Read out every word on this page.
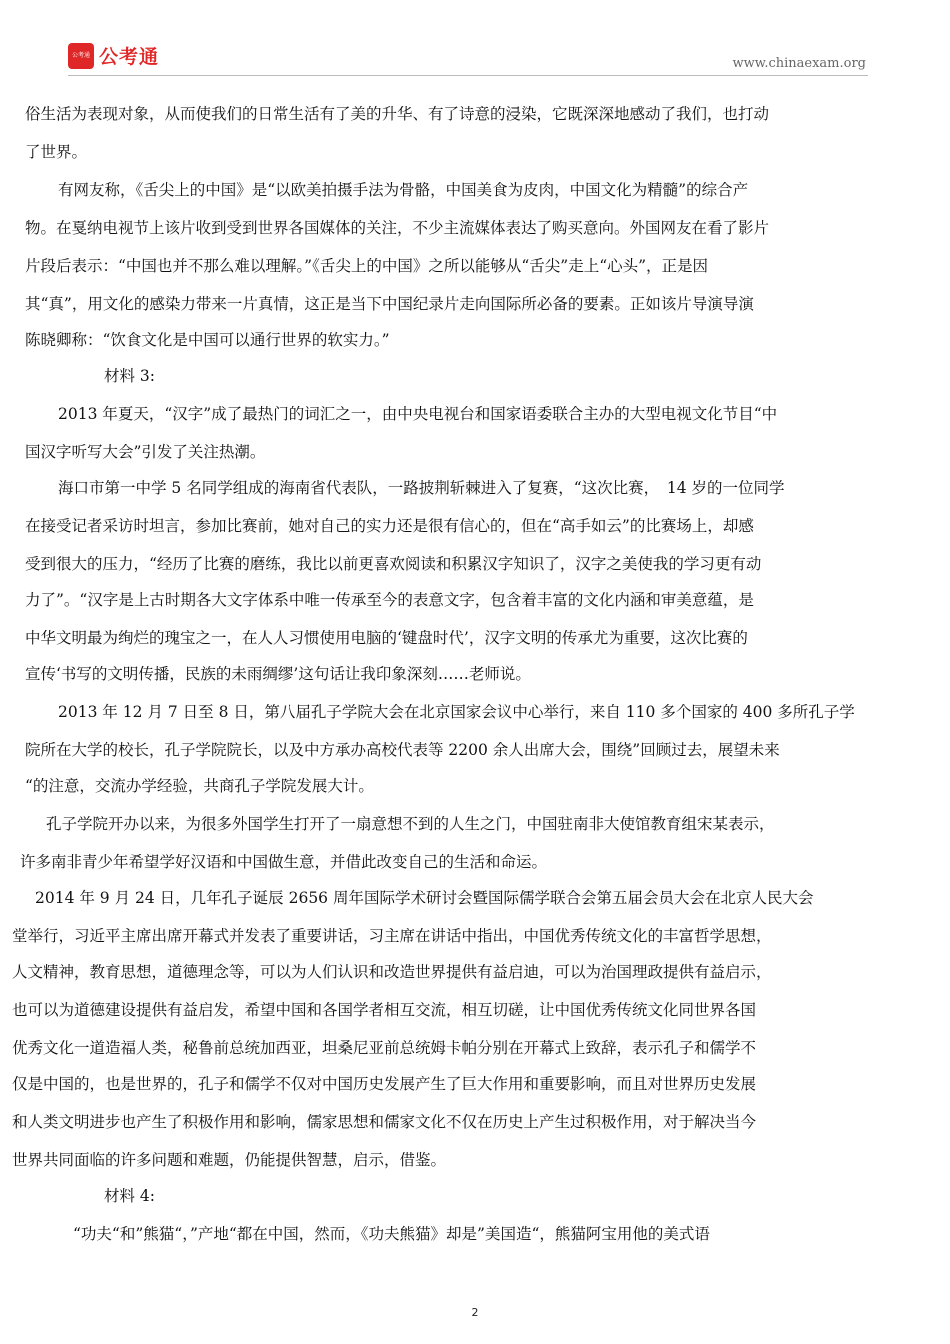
公考通 公考通	www.chinaexam.org
俗生活为表现对象，从而使我们的日常生活有了美的升华、有了诗意的浸染，它既深深地感动了我们，也打动
了世界。
有网友称，《舌尖上的中国》是“以欧美拍摄手法为骨骼，中国美食为皮肉，中国文化为精髓”的综合产
物。在戛纳电视节上该片收到受到世界各国媒体的关注，不少主流媒体表达了购买意向。外国网友在看了影片
片段后表示：“中国也并不那么难以理解。”《舌尖上的中国》之所以能够从“舌尖”走上“心头”，正是因
其“真”，用文化的感染力带来一片真情，这正是当下中国纪录片走向国际所必备的要素。正如该片导演导演
陈晓卿称：“饮食文化是中国可以通行世界的软实力。”
材料 3:
2013 年夏天，“汉字”成了最热门的词汇之一，由中央电视台和国家语委联合主办的大型电视文化节目“中
国汉字听写大会”引发了关注热潮。
海口市第一中学 5 名同学组成的海南省代表队，一路披荆斩棘进入了复赛，“这次比赛，　14 岁的一位同学
在接受记者采访时坦言，参加比赛前，她对自己的实力还是很有信心的，但在“高手如云”的比赛场上，却感
受到很大的压力，“经历了比赛的磨练，我比以前更喜欢阅读和积累汉字知识了，汉字之美使我的学习更有动
力了”。“汉字是上古时期各大文字体系中唯一传承至今的表意文字，包含着丰富的文化内涵和审美意蕴，是
中华文明最为绚烂的瑰宝之一，在人人习惯使用电脑的‘键盘时代’，汉字文明的传承尤为重要，这次比赛的
宣传‘书写的文明传播，民族的未雨绸缪’这句话让我印象深刻……老师说。
2013 年 12 月 7 日至 8 日，第八届孔子学院大会在北京国家会议中心举行，来自 110 多个国家的 400 多所孔子学
院所在大学的校长，孔子学院院长，以及中方承办高校代表等 2200 余人出席大会，围绕”回顾过去，展望未来
“的注意，交流办学经验，共商孔子学院发展大计。
孔子学院开办以来，为很多外国学生打开了一扇意想不到的人生之门，中国驻南非大使馆教育组宋某表示，
许多南非青少年希望学好汉语和中国做生意，并借此改变自己的生活和命运。
2014 年 9 月 24 日，几年孔子诞辰 2656 周年国际学术研讨会暨国际儒学联合会第五届会员大会在北京人民大会
堂举行，习近平主席出席开幕式并发表了重要讲话，习主席在讲话中指出，中国优秀传统文化的丰富哲学思想，
人文精神，教育思想，道德理念等，可以为人们认识和改造世界提供有益启迪，可以为治国理政提供有益启示，
也可以为道德建设提供有益启发，希望中国和各国学者相互交流，相互切磋，让中国优秀传统文化同世界各国
优秀文化一道造福人类，秘鲁前总统加西亚，坦桑尼亚前总统姆卡帕分别在开幕式上致辞，表示孔子和儒学不
仅是中国的，也是世界的，孔子和儒学不仅对中国历史发展产生了巨大作用和重要影响，而且对世界历史发展
和人类文明进步也产生了积极作用和影响，儒家思想和儒家文化不仅在历史上产生过积极作用，对于解决当今
世界共同面临的许多问题和难题，仍能提供智慧，启示，借鉴。
材料 4:
“功夫“和”熊猫“，”产地“都在中国，然而，《功夫熊猫》却是”美国造“，熊猫阿宝用他的美式语
2
